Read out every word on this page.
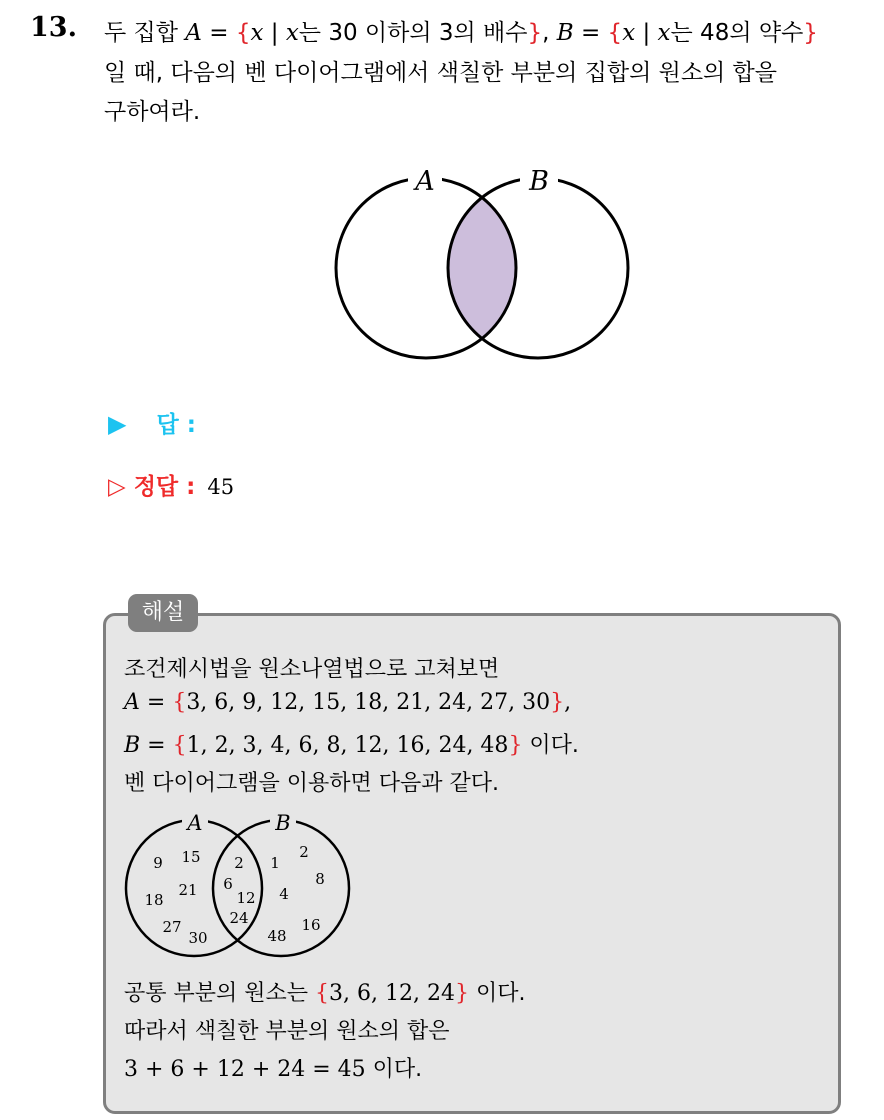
13. 두 집합 A = {x | x는 30 이하의 3의 배수}, B = {x | x는 48의 약수}
일 때, 다음의 벤 다이어그램에서 색칠한 부분의 집합의 원소의 합을
구하여라.
A	B
▶ 답 :
▷ 정답 : 45
해설
조건제시법을 원소나열법으로 고쳐보면
A = {3, 6, 9, 12, 15, 18, 21, 24, 27, 30},
B = {1, 2, 3, 4, 6, 8, 12, 16, 24, 48} 이다.
벤 다이어그램을 이용하면 다음과 같다.
A	B
9 15
18
21
27
30
2
6
12
24
1
2
8
4
48
16
공통 부분의 원소는 {3, 6, 12, 24} 이다.
따라서 색칠한 부분의 원소의 합은
3 + 6 + 12 + 24 = 45 이다.
